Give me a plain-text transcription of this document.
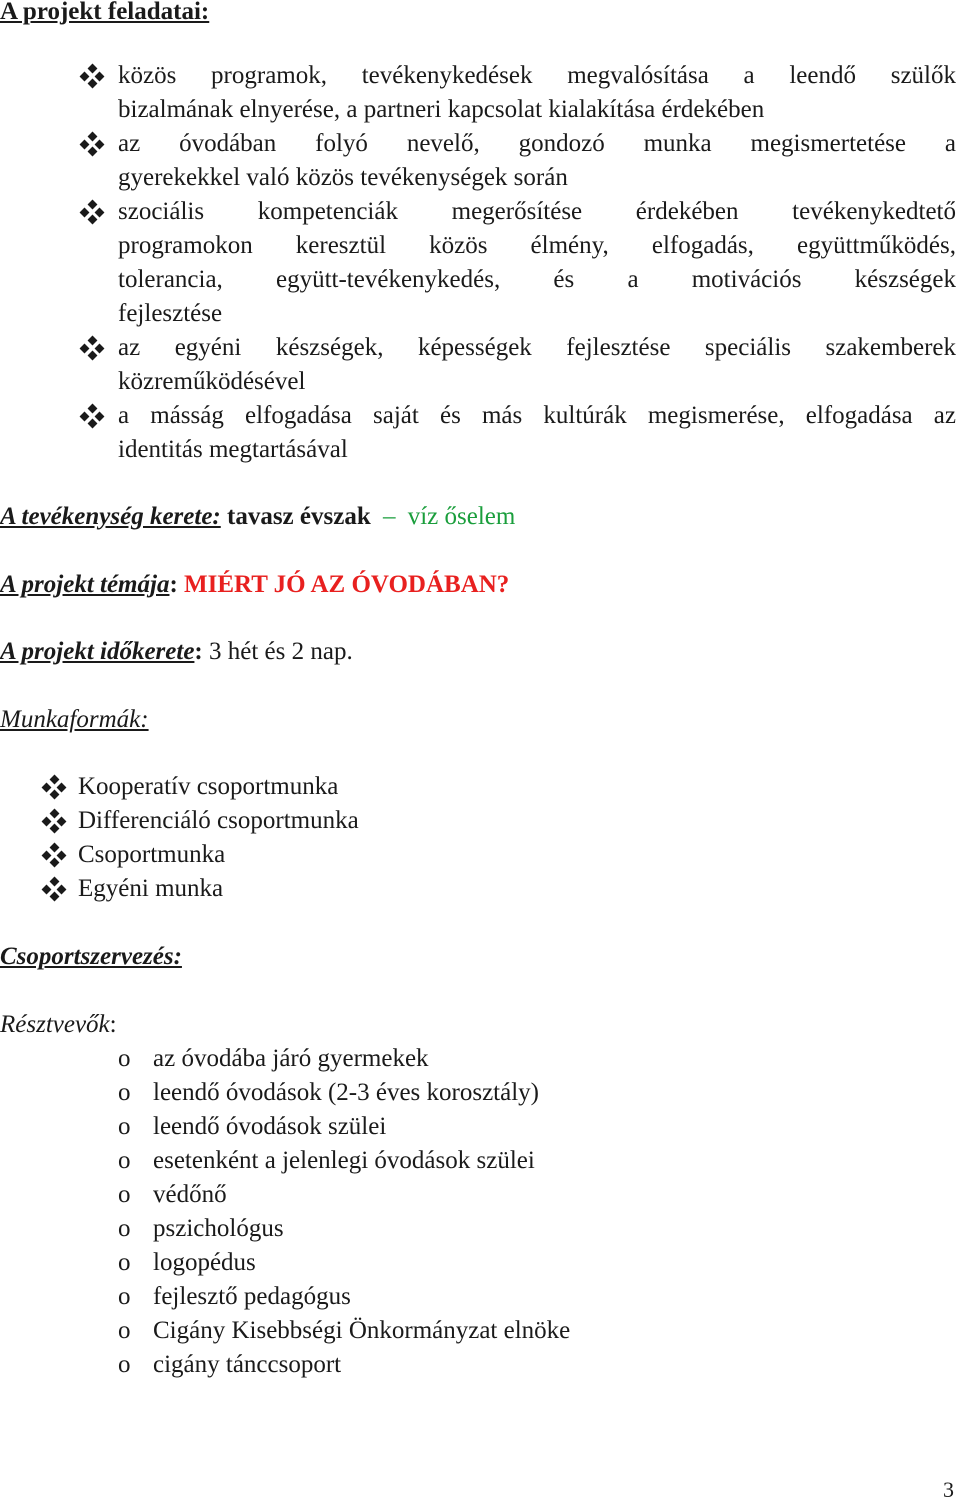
A projekt feladatai:
közös programok, tevékenykedések megvalósítása a leendő szülők
bizalmának elnyerése, a partneri kapcsolat kialakítása érdekében
az óvodában folyó nevelő, gondozó munka megismertetése a
gyerekekkel való közös tevékenységek során
szociális kompetenciák megerősítése érdekében tevékenykedtető
programokon keresztül közös élmény, elfogadás, együttműködés,
tolerancia, együtt-tevékenykedés, és a motivációs készségek
fejlesztése
az egyéni készségek, képességek fejlesztése speciális szakemberek
közreműködésével
a másság elfogadása saját és más kultúrák megismerése, elfogadása az
identitás megtartásával
A tevékenység kerete: tavasz évszak – víz őselem
A projekt témája: MIÉRT JÓ AZ ÓVODÁBAN?
A projekt időkerete: 3 hét és 2 nap.
Munkaformák:
Kooperatív csoportmunka
Differenciáló csoportmunka
Csoportmunka
Egyéni munka
Csoportszervezés:
Résztvevők:
o az óvodába járó gyermekek
o leendő óvodások (2-3 éves korosztály)
o leendő óvodások szülei
o esetenként a jelenlegi óvodások szülei
o védőnő
o pszichológus
o logopédus
o fejlesztő pedagógus
o Cigány Kisebbségi Önkormányzat elnöke
o cigány tánccsoport
3
